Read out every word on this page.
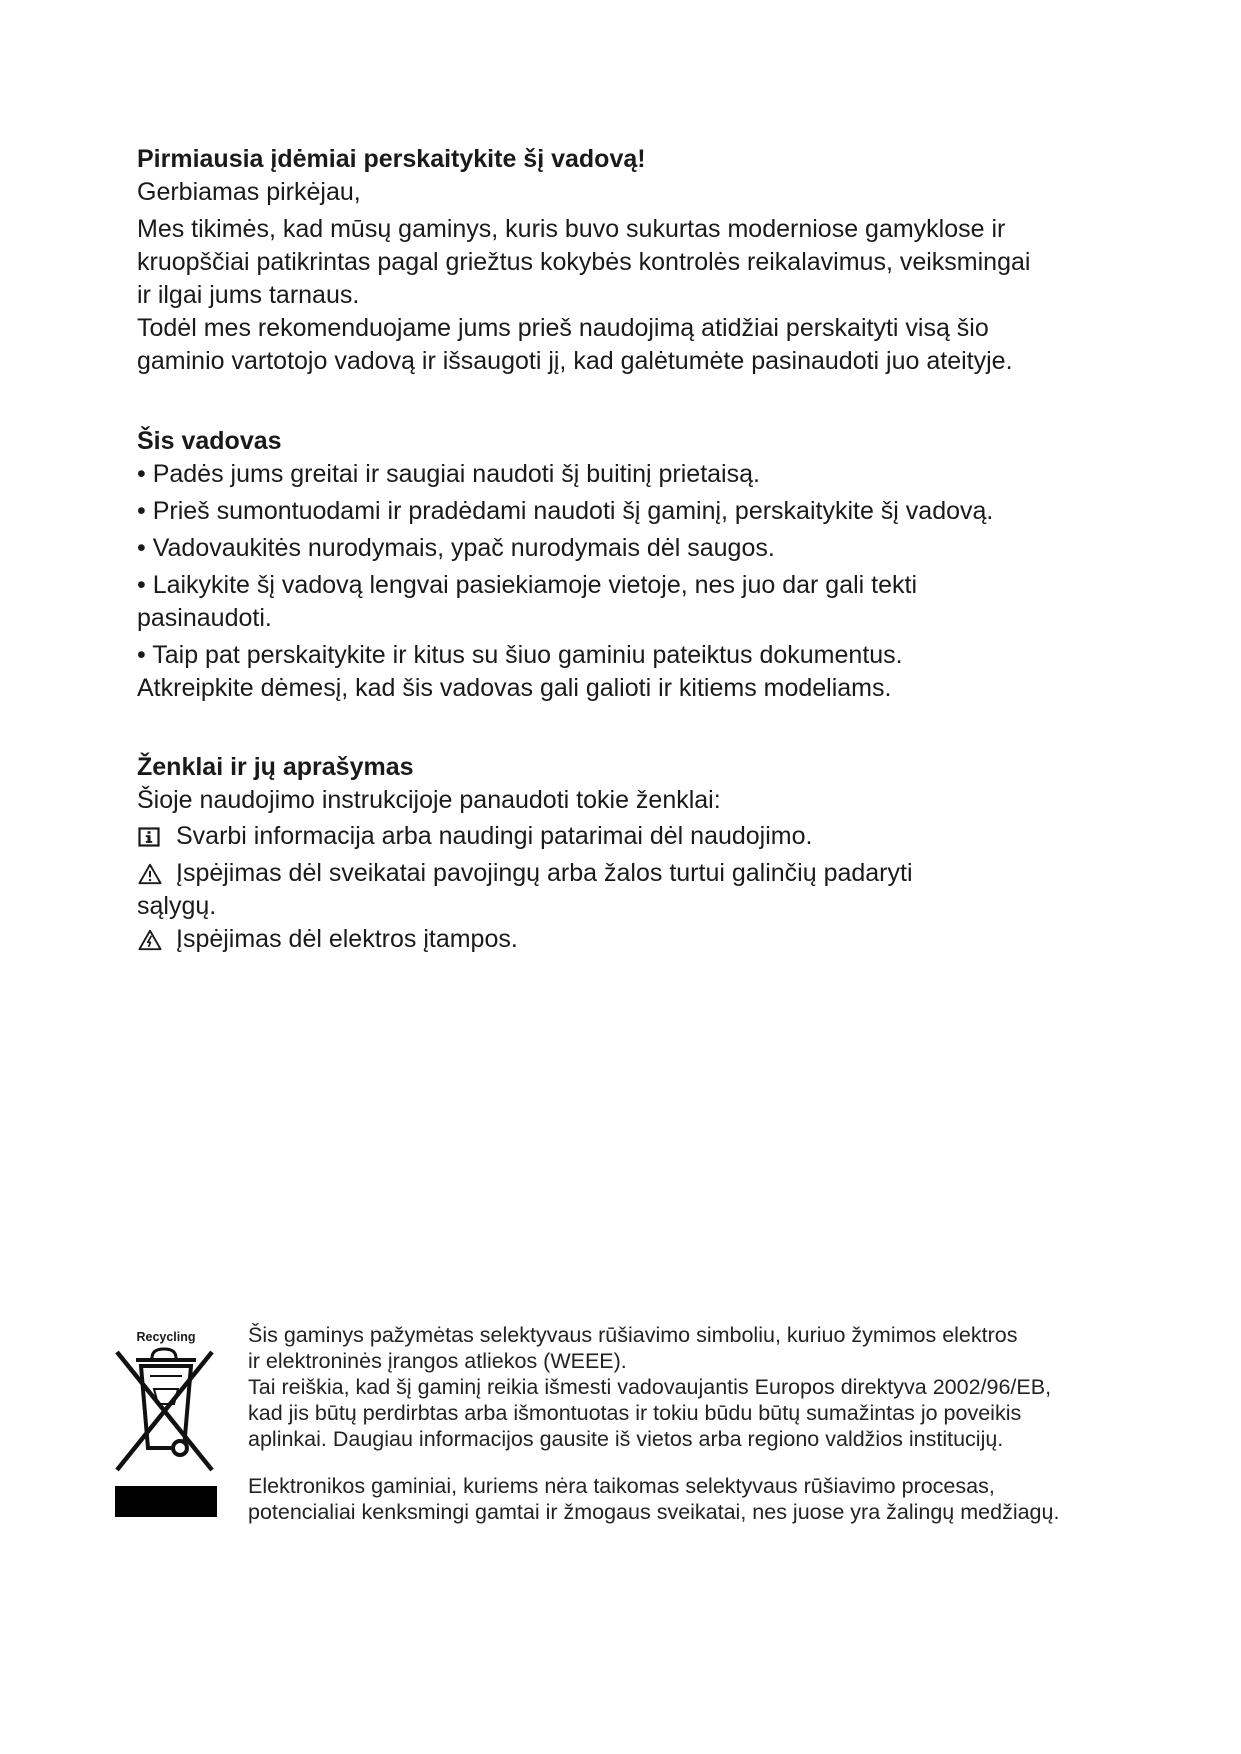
Pirmiausia įdėmiai perskaitykite šį vadovą!

Gerbiamas pirkėjau,

Mes tikimės, kad mūsų gaminys, kuris buvo sukurtas moderniose gamyklose ir

kruopščiai patikrintas pagal griežtus kokybės kontrolės reikalavimus, veiksmingai

ir ilgai jums tarnaus.

Todėl mes rekomenduojame jums prieš naudojimą atidžiai perskaityti visą šio

gaminio vartotojo vadovą ir išsaugoti jį, kad galėtumėte pasinaudoti juo ateityje.

Šis vadovas

• Padės jums greitai ir saugiai naudoti šį buitinį prietaisą.

• Prieš sumontuodami ir pradėdami naudoti šį gaminį, perskaitykite šį vadovą.

• Vadovaukitės nurodymais, ypač nurodymais dėl saugos.

• Laikykite šį vadovą lengvai pasiekiamoje vietoje, nes juo dar gali tekti

pasinaudoti.

• Taip pat perskaitykite ir kitus su šiuo gaminiu pateiktus dokumentus.

Atkreipkite dėmesį, kad šis vadovas gali galioti ir kitiems modeliams.

Ženklai ir jų aprašymas

Šioje naudojimo instrukcijoje panaudoti tokie ženklai:

Svarbi informacija arba naudingi patarimai dėl naudojimo.

Įspėjimas dėl sveikatai pavojingų arba žalos turtui galinčių padaryti

sąlygų.

Įspėjimas dėl elektros įtampos.

Recycling	Šis gaminys pažymėtas selektyvaus rūšiavimo simboliu, kuriuo žymimos elektros

ir elektroninės įrangos atliekos (WEEE).

Tai reiškia, kad šį gaminį reikia išmesti vadovaujantis Europos direktyva 2002/96/EB,

kad jis būtų perdirbtas arba išmontuotas ir tokiu būdu būtų sumažintas jo poveikis

aplinkai. Daugiau informacijos gausite iš vietos arba regiono valdžios institucijų.

Elektronikos gaminiai, kuriems nėra taikomas selektyvaus rūšiavimo procesas,

potencialiai kenksmingi gamtai ir žmogaus sveikatai, nes juose yra žalingų medžiagų.
